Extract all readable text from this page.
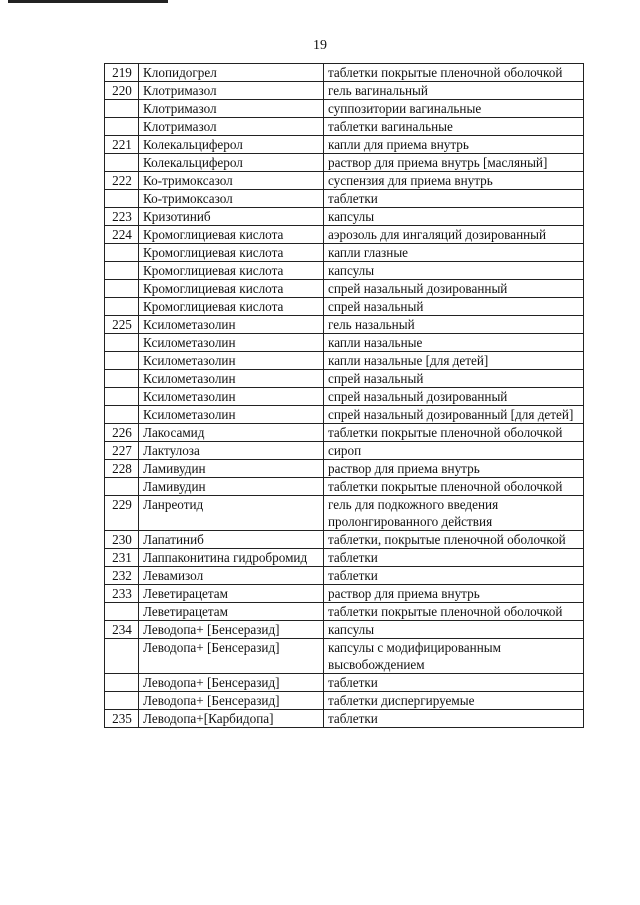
19
219	Клопидогрел	таблетки покрытые пленочной оболочкой
220	Клотримазол	гель вагинальный
	Клотримазол	суппозитории вагинальные
	Клотримазол	таблетки вагинальные
221	Колекальциферол	капли для приема внутрь
	Колекальциферол	раствор для приема внутрь [масляный]
222	Ко-тримоксазол	суспензия для приема внутрь
	Ко-тримоксазол	таблетки
223	Кризотиниб	капсулы
224	Кромоглициевая кислота	аэрозоль для ингаляций дозированный
	Кромоглициевая кислота	капли глазные
	Кромоглициевая кислота	капсулы
	Кромоглициевая кислота	спрей назальный дозированный
	Кромоглициевая кислота	спрей назальный
225	Ксилометазолин	гель назальный
	Ксилометазолин	капли назальные
	Ксилометазолин	капли назальные [для детей]
	Ксилометазолин	спрей назальный
	Ксилометазолин	спрей назальный дозированный
	Ксилометазолин	спрей назальный дозированный [для детей]
226	Лакосамид	таблетки покрытые пленочной оболочкой
227	Лактулоза	сироп
228	Ламивудин	раствор для приема внутрь
	Ламивудин	таблетки покрытые пленочной оболочкой
229	Ланреотид	гель для подкожного введения пролонгированного действия
230	Лапатиниб	таблетки, покрытые пленочной оболочкой
231	Лаппаконитина гидробромид	таблетки
232	Левамизол	таблетки
233	Леветирацетам	раствор для приема внутрь
	Леветирацетам	таблетки покрытые пленочной оболочкой
234	Леводопа+ [Бенсеразид]	капсулы
	Леводопа+ [Бенсеразид]	капсулы с модифицированным высвобождением
	Леводопа+ [Бенсеразид]	таблетки
	Леводопа+ [Бенсеразид]	таблетки диспергируемые
235	Леводопа+[Карбидопа]	таблетки
